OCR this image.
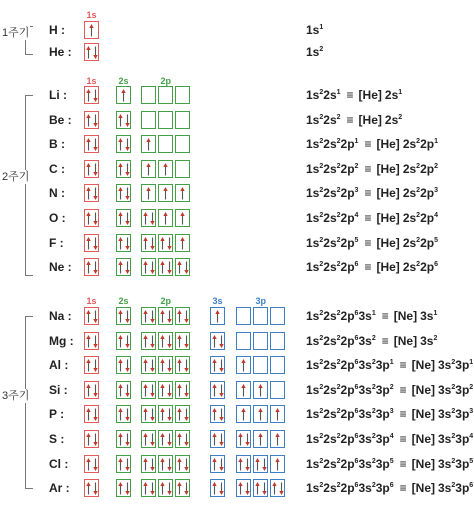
1주기
1s
H :	$1s^1$
He :	$1s^2$
2주기
1s 2s	2p
Li :	$1s^22s^1 \equiv [He]$ $2s^1$
Be :	$1s^22s^2 \equiv [He]$ $2s^2$
B :	$1s^22s^22p^1 \equiv [He]$ $2s^22p^1$
C :	$1s^22s^22p^2 \equiv [He]$ $2s^22p^2$
N :	$1s^22s^22p^3 \equiv [He]$ $2s^22p^3$
O :	$1s^22s^22p^4 \equiv [He]$ $2s^22p^4$
F :	$1s^22s^22p^5 \equiv [He]$ $2s^22p^5$
Ne :	$1s^22s^22p^6 \equiv [He]$ $2s^22p^6$
3주기
1s 2s	2p	3s	3p
Na :	$1s^22s^22p^63s^1 \equiv [Ne]$ $3s^1$
Mg :	$1s^22s^22p^63s^2 \equiv [Ne]$ $3s^2$
Al :	$1s^22s^22p^63s^23p^1 \equiv [Ne]$ $3s^23p^1$
Si :	$1s^22s^22p^63s^23p^2 \equiv [Ne]$ $3s^23p^2$
P :	$1s^22s^22p^63s^23p^3 \equiv [Ne]$ $3s^23p^3$
S :	$1s^22s^22p^63s^23p^4 \equiv [Ne]$ $3s^23p^4$
Cl :	$1s^22s^22p^63s^23p^5 \equiv [Ne]$ $3s^23p^5$
Ar :	$1s^22s^22p^63s^23p^6 \equiv [Ne]$ $3s^23p^6$
